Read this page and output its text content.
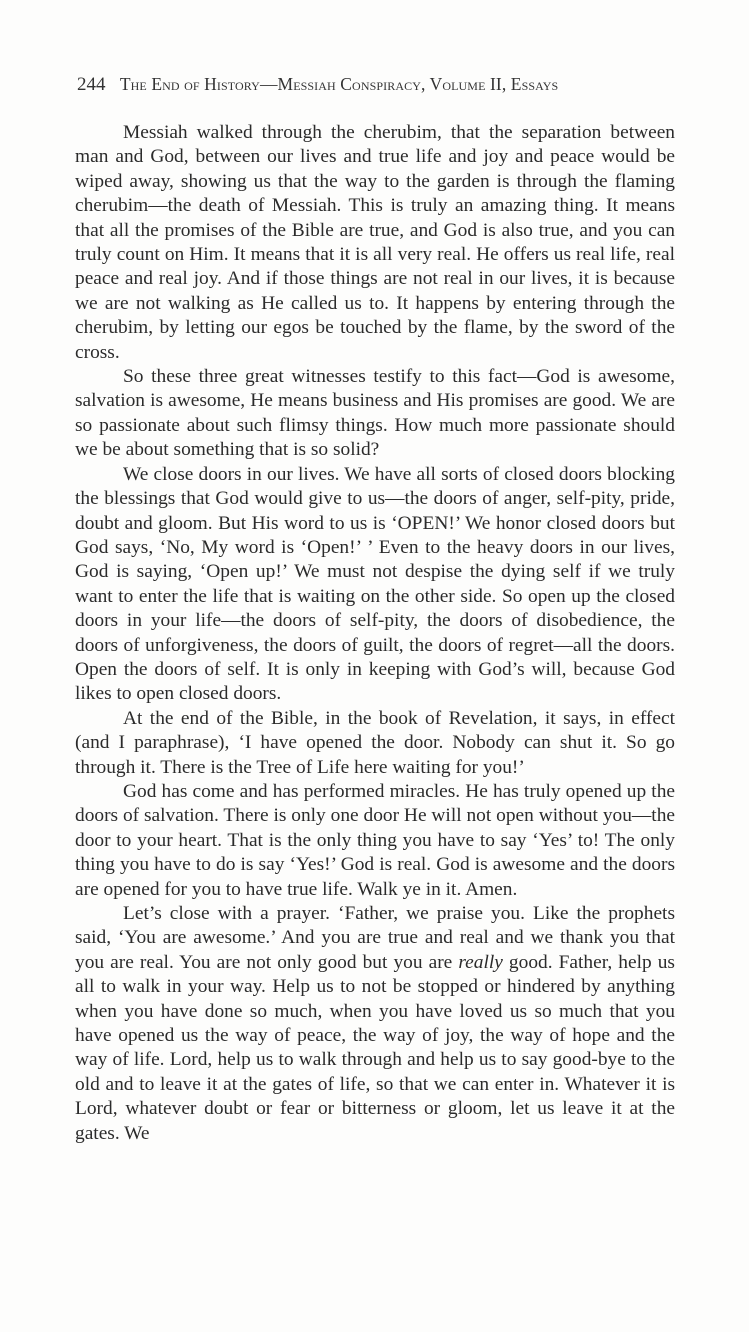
244 The End of History—Messiah Conspiracy, Volume II, Essays

Messiah walked through the cherubim, that the separation between man and God, between our lives and true life and joy and peace would be wiped away, showing us that the way to the garden is through the flaming cherubim—the death of Messiah. This is truly an amazing thing. It means that all the promises of the Bible are true, and God is also true, and you can truly count on Him. It means that it is all very real. He offers us real life, real peace and real joy. And if those things are not real in our lives, it is because we are not walking as He called us to. It happens by entering through the cherubim, by letting our egos be touched by the flame, by the sword of the cross.

So these three great witnesses testify to this fact—God is awesome, salvation is awesome, He means business and His promises are good. We are so passionate about such flimsy things. How much more passionate should we be about something that is so solid?

We close doors in our lives. We have all sorts of closed doors blocking the blessings that God would give to us—the doors of anger, self-pity, pride, doubt and gloom. But His word to us is ‘OPEN!’ We honor closed doors but God says, ‘No, My word is ‘Open!’ ’ Even to the heavy doors in our lives, God is saying, ‘Open up!’ We must not despise the dying self if we truly want to enter the life that is waiting on the other side. So open up the closed doors in your life—the doors of self-pity, the doors of disobedience, the doors of unforgiveness, the doors of guilt, the doors of regret—all the doors. Open the doors of self. It is only in keeping with God’s will, because God likes to open closed doors.

At the end of the Bible, in the book of Revelation, it says, in effect (and I paraphrase), ‘I have opened the door. Nobody can shut it. So go through it. There is the Tree of Life here waiting for you!’

God has come and has performed miracles. He has truly opened up the doors of salvation. There is only one door He will not open without you—the door to your heart. That is the only thing you have to say ‘Yes’ to! The only thing you have to do is say ‘Yes!’ God is real. God is awesome and the doors are opened for you to have true life. Walk ye in it. Amen.

Let’s close with a prayer. ‘Father, we praise you. Like the prophets said, ‘You are awesome.’ And you are true and real and we thank you that you are real. You are not only good but you are really good. Father, help us all to walk in your way. Help us to not be stopped or hindered by anything when you have done so much, when you have loved us so much that you have opened us the way of peace, the way of joy, the way of hope and the way of life. Lord, help us to walk through and help us to say good-bye to the old and to leave it at the gates of life, so that we can enter in. Whatever it is Lord, whatever doubt or fear or bitterness or gloom, let us leave it at the gates. We
